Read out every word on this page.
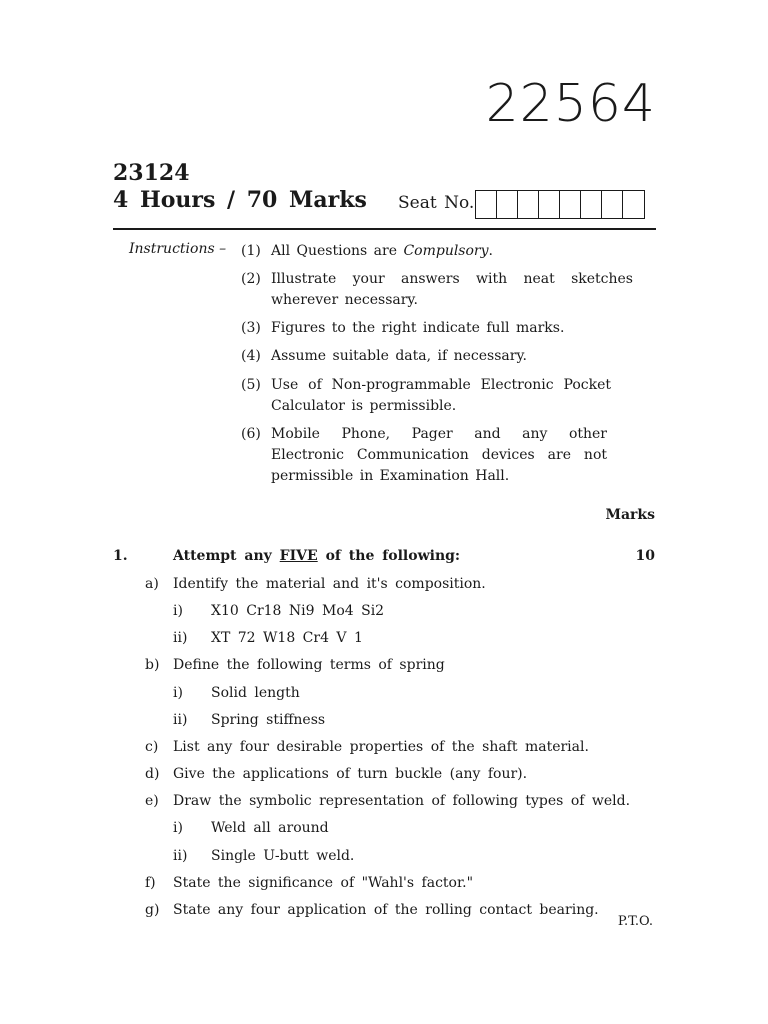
22564
23124
4 Hours / 70 Marks Seat No.
Instructions – (1) All Questions are Compulsory.
(2) Illustrate your answers with neat sketches wherever necessary.
(3) Figures to the right indicate full marks.
(4) Assume suitable data, if necessary.
(5) Use of Non-programmable Electronic Pocket Calculator is permissible.
(6) Mobile Phone, Pager and any other Electronic Communication devices are not permissible in Examination Hall.
Marks
1.	Attempt any FIVE of the following:	10
a) Identify the material and it's composition.
i) X10 Cr18 Ni9 Mo4 Si2
ii) XT 72 W18 Cr4 V 1
b) Define the following terms of spring
i) Solid length
ii) Spring stiffness
c) List any four desirable properties of the shaft material.
d) Give the applications of turn buckle (any four).
e) Draw the symbolic representation of following types of weld.
i) Weld all around
ii) Single U-butt weld.
f) State the significance of "Wahl's factor."
g) State any four application of the rolling contact bearing.
P.T.O.
